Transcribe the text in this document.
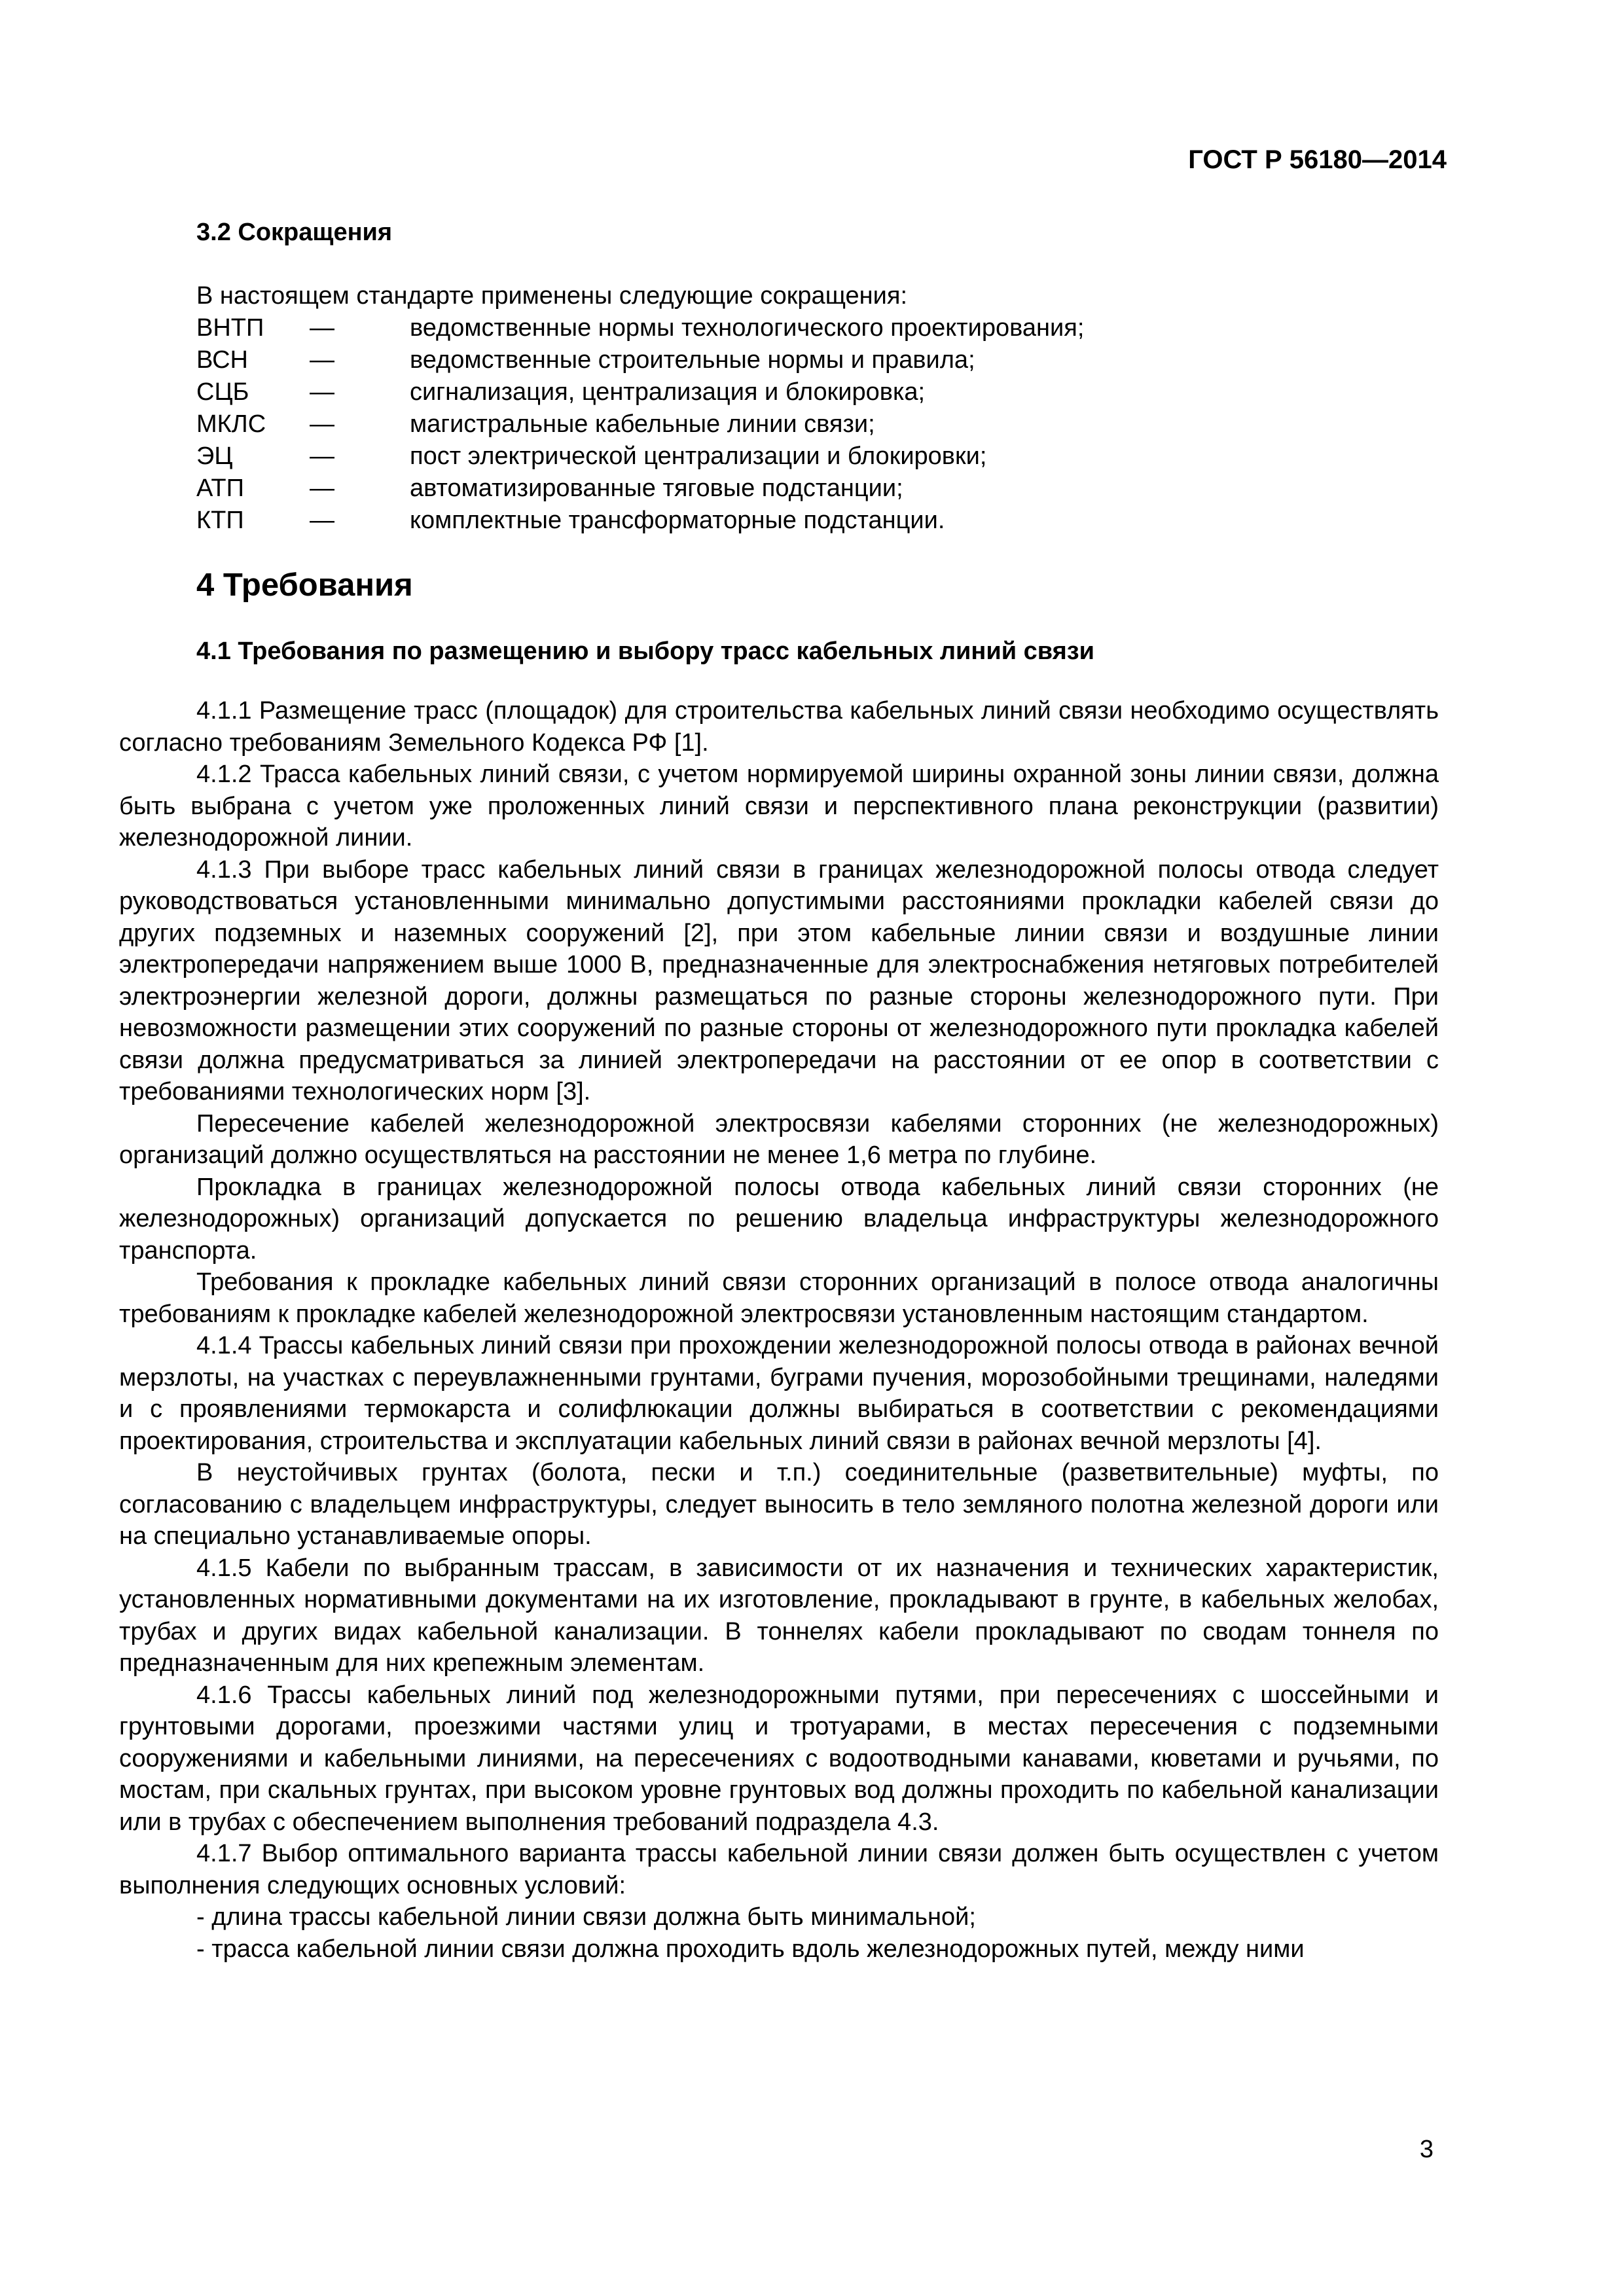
ГОСТ Р 56180—2014
3.2 Сокращения
В настоящем стандарте применены следующие сокращения:
ВНТП —	ведомственные нормы технологического проектирования;
ВСН —	ведомственные строительные нормы и правила;
СЦБ —	сигнализация, централизация и блокировка;
МКЛС —	магистральные кабельные линии связи;
ЭЦ	—	пост электрической централизации и блокировки;
АТП	—	автоматизированные тяговые подстанции;
КТП	—	комплектные трансформаторные подстанции.
4 Требования
4.1 Требования по размещению и выбору трасс кабельных линий связи

4.1.1 Размещение трасс (площадок) для строительства кабельных линий связи необходимо осуществлять согласно требованиям Земельного Кодекса РФ [1].

4.1.2 Трасса кабельных линий связи, с учетом нормируемой ширины охранной зоны линии связи, должна быть выбрана с учетом уже проложенных линий связи и перспективного плана реконструкции (развитии) железнодорожной линии.

4.1.3 При выборе трасс кабельных линий связи в границах железнодорожной полосы отвода следует руководствоваться установленными минимально допустимыми расстояниями прокладки кабелей связи до других подземных и наземных сооружений [2], при этом кабельные линии связи и воздушные линии электропередачи напряжением выше 1000 В, предназначенные для электроснабжения нетяговых потребителей электроэнергии железной дороги, должны размещаться по разные стороны железнодорожного пути. При невозможности размещении этих сооружений по разные стороны от железнодорожного пути прокладка кабелей связи должна предусматриваться за линией электропередачи на расстоянии от ее опор в соответствии с требованиями технологических норм [3].

Пересечение кабелей железнодорожной электросвязи кабелями сторонних (не железнодорожных) организаций должно осуществляться на расстоянии не менее 1,6 метра по глубине.

Прокладка в границах железнодорожной полосы отвода кабельных линий связи сторонних (не железнодорожных) организаций допускается по решению владельца инфраструктуры железнодорожного транспорта.

Требования к прокладке кабельных линий связи сторонних организаций в полосе отвода аналогичны требованиям к прокладке кабелей железнодорожной электросвязи установленным настоящим стандартом.

4.1.4 Трассы кабельных линий связи при прохождении железнодорожной полосы отвода в районах вечной мерзлоты, на участках с переувлажненными грунтами, буграми пучения, морозобойными трещинами, наледями и с проявлениями термокарста и солифлюкации должны выбираться в соответствии с рекомендациями проектирования, строительства и эксплуатации кабельных линий связи в районах вечной мерзлоты [4].

В неустойчивых грунтах (болота, пески и т.п.) соединительные (разветвительные) муфты, по согласованию с владельцем инфраструктуры, следует выносить в тело земляного полотна железной дороги или на специально устанавливаемые опоры.

4.1.5 Кабели по выбранным трассам, в зависимости от их назначения и технических характеристик, установленных нормативными документами на их изготовление, прокладывают в грунте, в кабельных желобах, трубах и других видах кабельной канализации. В тоннелях кабели прокладывают по сводам тоннеля по предназначенным для них крепежным элементам.

4.1.6 Трассы кабельных линий под железнодорожными путями, при пересечениях с шоссейными и грунтовыми дорогами, проезжими частями улиц и тротуарами, в местах пересечения с подземными сооружениями и кабельными линиями, на пересечениях с водоотводными канавами, кюветами и ручьями, по мостам, при скальных грунтах, при высоком уровне грунтовых вод должны проходить по кабельной канализации или в трубах с обеспечением выполнения требований подраздела 4.3.

4.1.7 Выбор оптимального варианта трассы кабельной линии связи должен быть осуществлен с учетом выполнения следующих основных условий:

- длина трассы кабельной линии связи должна быть минимальной;

- трасса кабельной линии связи должна проходить вдоль железнодорожных путей, между ними

3
